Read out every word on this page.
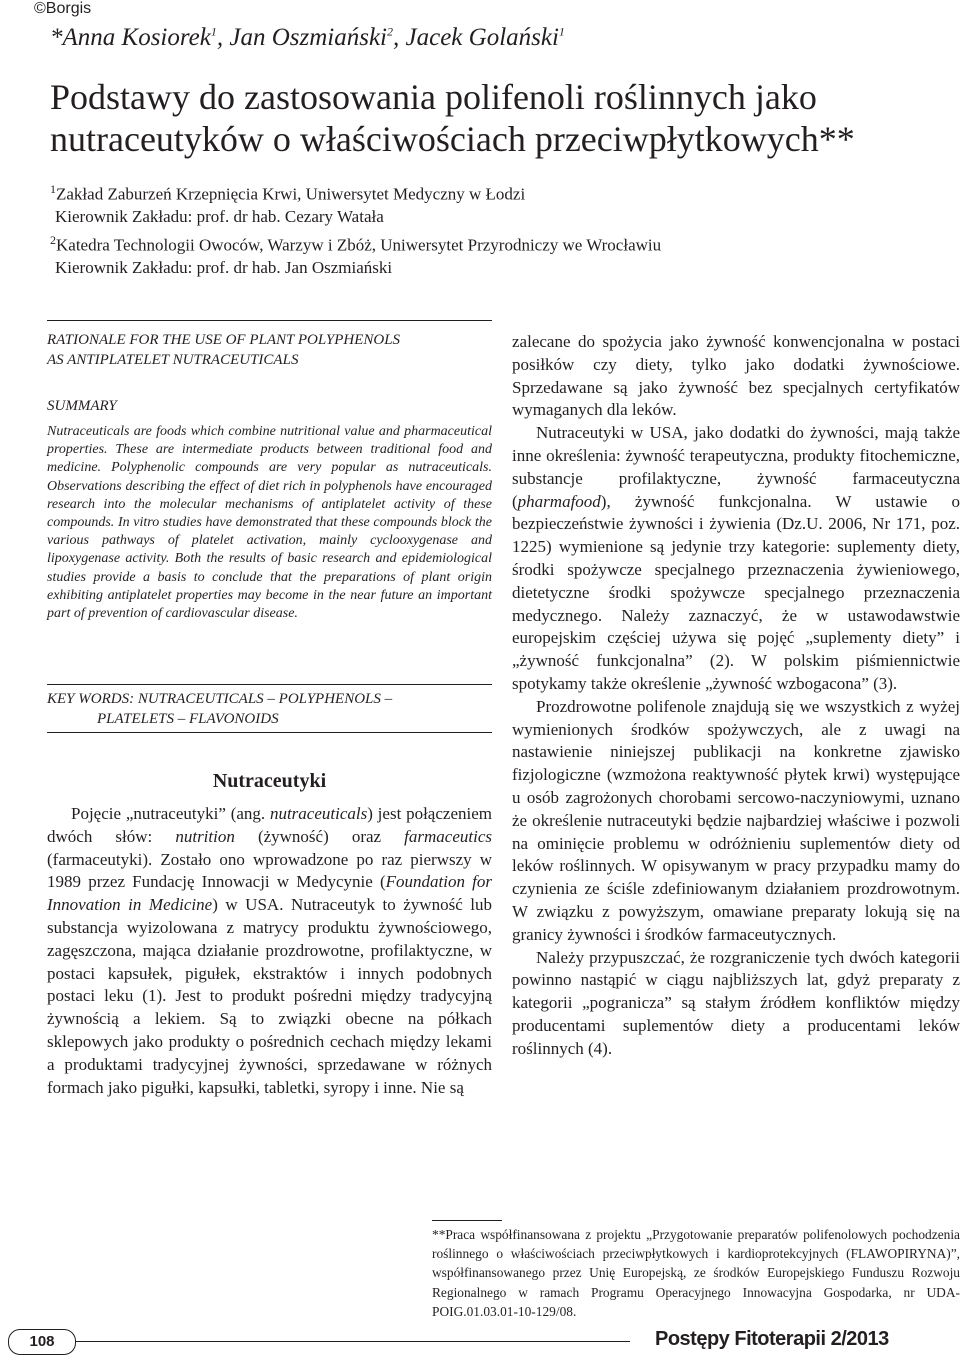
©Borgis
*Anna Kosiorek$^1$, Jan Oszmiański$^2$, Jacek Golański$^1$
Podstawy do zastosowania polifenoli roślinnych jako
nutraceutyków o właściwościach przeciwpłytkowych**
$^1$Zakład Zaburzeń Krzepnięcia Krwi, Uniwersytet Medyczny w Łodzi
Kierownik Zakładu: prof. dr hab. Cezary Watała
$^2$Katedra Technologii Owoców, Warzyw i Zbóż, Uniwersytet Przyrodniczy we Wrocławiu
Kierownik Zakładu: prof. dr hab. Jan Oszmiański
RATIONALE FOR THE USE OF PLANT POLYPHENOLS
AS ANTIPLATELET NUTRACEUTICALS
SUMMARY
Nutraceuticals are foods which combine nutritional value and pharmaceutical properties. These are intermediate products between traditional food and medicine. Polyphenolic compounds are very popular as nutraceuticals. Observations describing the effect of diet rich in polyphenols have encouraged research into the molecular mechanisms of antiplatelet activity of these compounds. In vitro studies have demonstrated that these compounds block the various pathways of platelet activation, mainly cyclooxygenase and lipoxygenase activity. Both the results of basic research and epidemiological studies provide a basis to conclude that the preparations of plant origin exhibiting antiplatelet properties may become in the near future an important part of prevention of cardiovascular disease.
KEY WORDS: NUTRACEUTICALS – POLYPHENOLS –
PLATELETS – FLAVONOIDS
Nutraceutyki

Pojęcie „nutraceutyki” (ang. nutraceuticals) jest połączeniem dwóch słów: nutrition (żywność) oraz farmaceutics (farmaceutyki). Zostało ono wprowadzone po raz pierwszy w 1989 przez Fundację Innowacji w Medycynie (Foundation for Innovation in Medicine) w USA. Nutraceutyk to żywność lub substancja wyizolowana z matrycy produktu żywnościowego, zagęszczona, mająca działanie prozdrowotne, profilaktyczne, w postaci kapsułek, pigułek, ekstraktów i innych podobnych postaci leku (1). Jest to produkt pośredni między tradycyjną żywnością a lekiem. Są to związki obecne na półkach sklepowych jako produkty o pośrednich cechach między lekami a produktami tradycyjnej żywności, sprzedawane w różnych formach jako pigułki, kapsułki, tabletki, syropy i inne. Nie są

zalecane do spożycia jako żywność konwencjonalna w postaci posiłków czy diety, tylko jako dodatki żywnościowe. Sprzedawane są jako żywność bez specjalnych certyfikatów wymaganych dla leków.

Nutraceutyki w USA, jako dodatki do żywności, mają także inne określenia: żywność terapeutyczna, produkty fitochemiczne, substancje profilaktyczne, żywność farmaceutyczna (pharmafood), żywność funkcjonalna. W ustawie o bezpieczeństwie żywności i żywienia (Dz.U. 2006, Nr 171, poz. 1225) wymienione są jedynie trzy kategorie: suplementy diety, środki spożywcze specjalnego przeznaczenia żywieniowego, dietetyczne środki spożywcze specjalnego przeznaczenia medycznego. Należy zaznaczyć, że w ustawodawstwie europejskim częściej używa się pojęć „suplementy diety” i „żywność funkcjonalna” (2). W polskim piśmiennictwie spotykamy także określenie „żywność wzbogacona” (3).

Prozdrowotne polifenole znajdują się we wszystkich z wyżej wymienionych środków spożywczych, ale z uwagi na nastawienie niniejszej publikacji na konkretne zjawisko fizjologiczne (wzmożona reaktywność płytek krwi) występujące u osób zagrożonych chorobami sercowo-naczyniowymi, uznano że określenie nutraceutyki będzie najbardziej właściwe i pozwoli na ominięcie problemu w odróżnieniu suplementów diety od leków roślinnych. W opisywanym w pracy przypadku mamy do czynienia ze ściśle zdefiniowanym działaniem prozdrowotnym. W związku z powyższym, omawiane preparaty lokują się na granicy żywności i środków farmaceutycznych.

Należy przypuszczać, że rozgraniczenie tych dwóch kategorii powinno nastąpić w ciągu najbliższych lat, gdyż preparaty z kategorii „pogranicza” są stałym źródłem konfliktów między producentami suplementów diety a producentami leków roślinnych (4).

**Praca współfinansowana z projektu „Przygotowanie preparatów polifenolowych pochodzenia roślinnego o właściwościach przeciwpłytkowych i kardioprotekcyjnych (FLAWOPIRYNA)”, współfinansowanego przez Unię Europejską, ze środków Europejskiego Funduszu Rozwoju Regionalnego w ramach Programu Operacyjnego Innowacyjna Gospodarka, nr UDA-POIG.01.03.01-10-129/08.
108	Postępy Fitoterapii 2/2013
